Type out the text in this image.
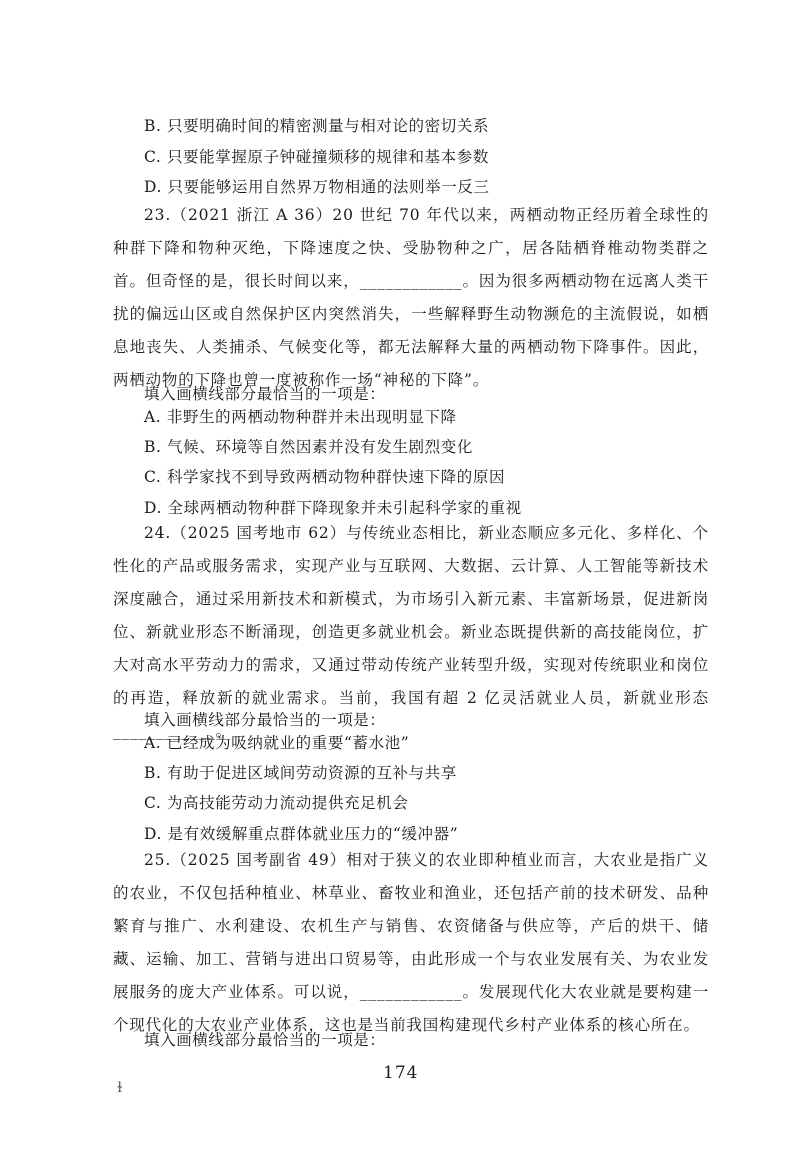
B. 只要明确时间的精密测量与相对论的密切关系
C. 只要能掌握原子钟碰撞频移的规律和基本参数
D. 只要能够运用自然界万物相通的法则举一反三
23.（2021 浙江 A 36）20 世纪 70 年代以来，两栖动物正经历着全球性的种群下降和物种灭绝，下降速度之快、受胁物种之广，居各陆栖脊椎动物类群之首。但奇怪的是，很长时间以来，____________。因为很多两栖动物在远离人类干扰的偏远山区或自然保护区内突然消失，一些解释野生动物濒危的主流假说，如栖息地丧失、人类捕杀、气候变化等，都无法解释大量的两栖动物下降事件。因此，两栖动物的下降也曾一度被称作一场“神秘的下降”。
填入画横线部分最恰当的一项是：
A. 非野生的两栖动物种群并未出现明显下降
B. 气候、环境等自然因素并没有发生剧烈变化
C. 科学家找不到导致两栖动物种群快速下降的原因
D. 全球两栖动物种群下降现象并未引起科学家的重视
24.（2025 国考地市 62）与传统业态相比，新业态顺应多元化、多样化、个性化的产品或服务需求，实现产业与互联网、大数据、云计算、人工智能等新技术深度融合，通过采用新技术和新模式，为市场引入新元素、丰富新场景，促进新岗位、新就业形态不断涌现，创造更多就业机会。新业态既提供新的高技能岗位，扩大对高水平劳动力的需求，又通过带动传统产业转型升级，实现对传统职业和岗位的再造，释放新的就业需求。当前，我国有超 2 亿灵活就业人员，新就业形态 ____________。
填入画横线部分最恰当的一项是：
A. 已经成为吸纳就业的重要“蓄水池”
B. 有助于促进区域间劳动资源的互补与共享
C. 为高技能劳动力流动提供充足机会
D. 是有效缓解重点群体就业压力的“缓冲器”
25.（2025 国考副省 49）相对于狭义的农业即种植业而言，大农业是指广义的农业，不仅包括种植业、林草业、畜牧业和渔业，还包括产前的技术研发、品种繁育与推广、水利建设、农机生产与销售、农资储备与供应等，产后的烘干、储藏、运输、加工、营销与进出口贸易等，由此形成一个与农业发展有关、为农业发展服务的庞大产业体系。可以说，____________。发展现代化大农业就是要构建一个现代化的大农业产业体系，这也是当前我国构建现代乡村产业体系的核心所在。
填入画横线部分最恰当的一项是：
174
ɫ
